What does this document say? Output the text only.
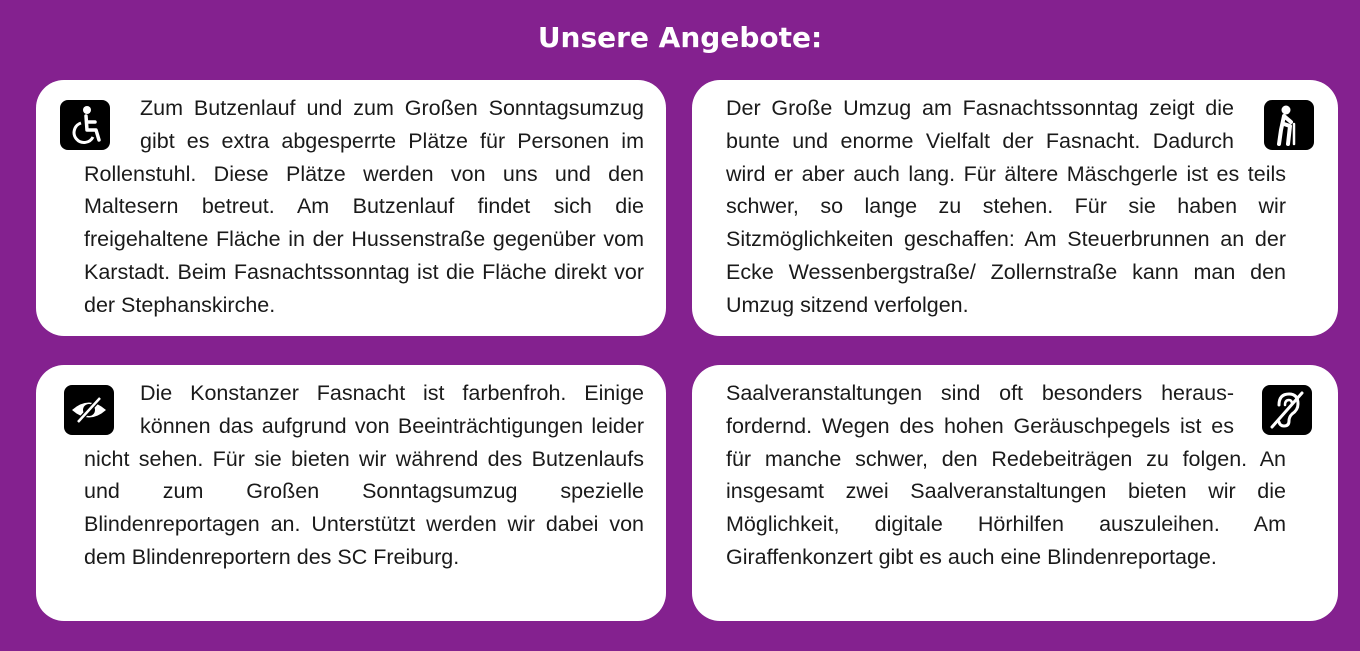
Unsere Angebote:

Zum Butzenlauf und zum Großen Sonntagsumzug gibt es extra abgesperrte Plätze für Personen im Rollenstuhl. Diese Plätze werden von uns und den Maltesern betreut. Am Butzenlauf findet sich die freigehaltene Fläche in der Hussenstraße gegenüber vom Karstadt. Beim Fasnachtssonntag ist die Fläche direkt vor der Stephanskirche.

Der Große Umzug am Fasnachtssonntag zeigt die bunte und enorme Vielfalt der Fasnacht. Dadurch wird er aber auch lang. Für ältere Mäschgerle ist es teils schwer, so lange zu stehen. Für sie haben wir Sitzmöglichkeiten geschaffen: Am Steuerbrunnen an der Ecke Wessenbergstraße/ Zollernstraße kann man den Umzug sitzend verfolgen.

Die Konstanzer Fasnacht ist farbenfroh. Einige können das aufgrund von Beeinträchtigungen leider nicht sehen. Für sie bieten wir während des Butzenlaufs und zum Großen Sonntagsumzug spezielle Blindenreportagen an. Unterstützt werden wir dabei von dem Blindenreportern des SC Freiburg.

Saalveranstaltungen sind oft besonders herausfordernd. Wegen des hohen Geräuschpegels ist es für manche schwer, den Redebeiträgen zu folgen. An insgesamt zwei Saalveranstaltungen bieten wir die Möglichkeit, digitale Hörhilfen auszuleihen. Am Giraffenkonzert gibt es auch eine Blindenreportage.
